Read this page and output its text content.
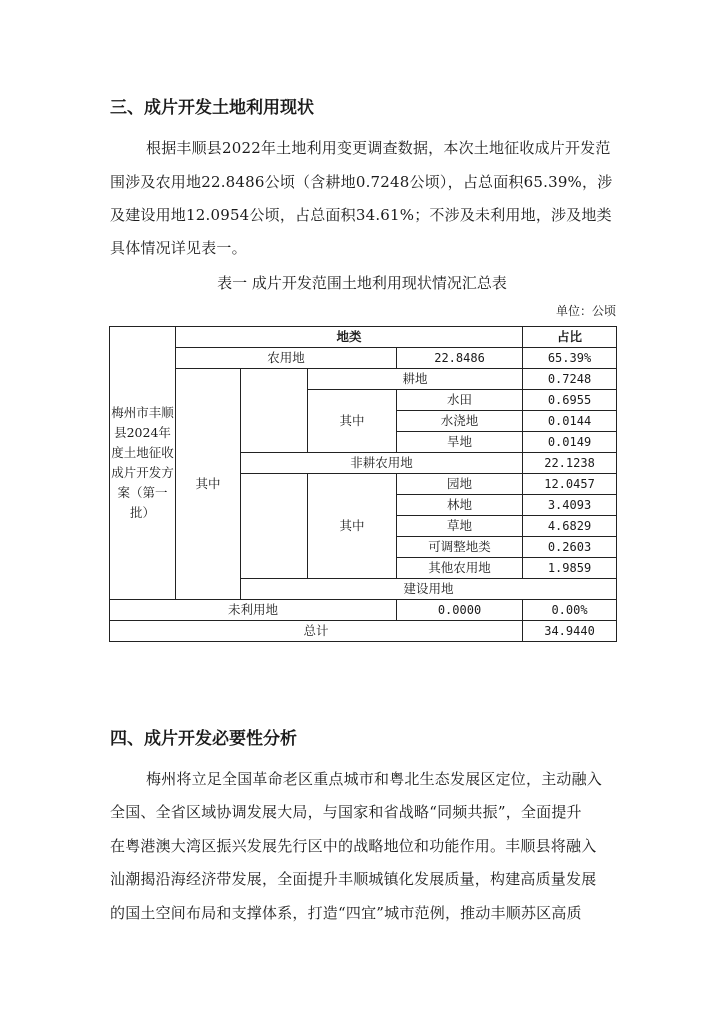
三、成片开发土地利用现状

根据丰顺县2022年土地利用变更调查数据，本次土地征收成片开发范

围涉及农用地22.8486公顷（含耕地0.7248公顷），占总面积65.39%，涉

及建设用地12.0954公顷，占总面积34.61%；不涉及未利用地，涉及地类

具体情况详见表一。

表一 成片开发范围土地利用现状情况汇总表

单位：公顷

梅州市丰顺县2024年度土地征收成片开发方案（第一批）	地类				占比	
	农用地			22.8486	65.39%	
	其中		耕地		0.7248	
			其中	水田	0.6955	
				水浇地	0.0144	
				旱地	0.0149	
		非耕农用地			22.1238	
			其中	园地	12.0457	
				林地	3.4093	
				草地	4.6829	
				可调整地类	0.2603	
				其他农用地	1.9859	
		建设用地		
未利用地				0.0000	0.00%	
总计					34.9440	
四、成片开发必要性分析

梅州将立足全国革命老区重点城市和粤北生态发展区定位，主动融入

全国、全省区域协调发展大局，与国家和省战略“同频共振”，全面提升

在粤港澳大湾区振兴发展先行区中的战略地位和功能作用。丰顺县将融入

汕潮揭沿海经济带发展，全面提升丰顺城镇化发展质量，构建高质量发展

的国土空间布局和支撑体系，打造“四宜”城市范例，推动丰顺苏区高质
